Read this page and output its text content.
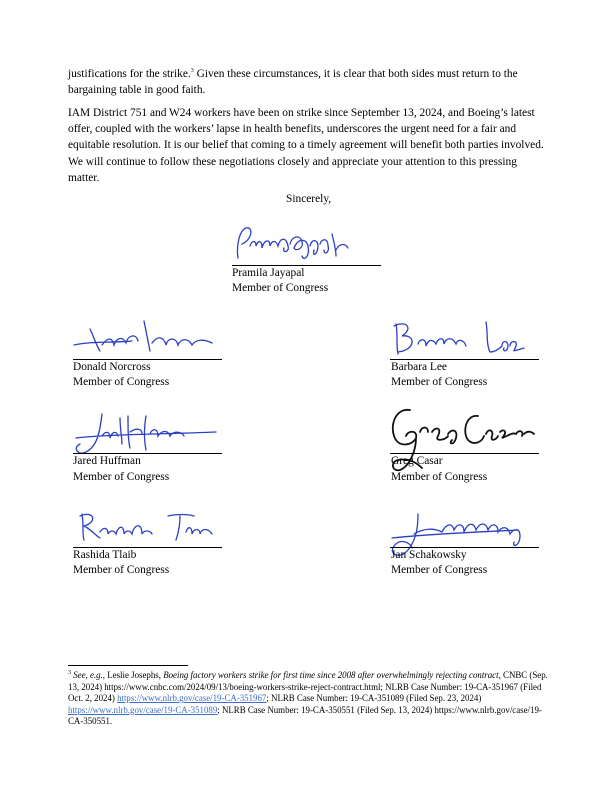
justifications for the strike.$^3$ Given these circumstances, it is clear that both sides must return to the bargaining table in good faith.

IAM District 751 and W24 workers have been on strike since September 13, 2024, and Boeing’s latest offer, coupled with the workers’ lapse in health benefits, underscores the urgent need for a fair and equitable resolution. It is our belief that coming to a timely agreement will benefit both parties involved. We will continue to follow these negotiations closely and appreciate your attention to this pressing matter.

Sincerely,
Pramila Jayapal
Member of Congress
Donald Norcross
Member of Congress
Barbara Lee
Member of Congress
Jared Huffman
Member of Congress
Greg Casar
Member of Congress
Rashida Tlaib
Member of Congress
Jan Schakowsky
Member of Congress

$^3$ See, e.g., Leslie Josephs, Boeing factory workers strike for first time since 2008 after overwhelmingly rejecting contract, CNBC (Sep. 13, 2024) https://www.cnbc.com/2024/09/13/boeing-workers-strike-reject-contract.html; NLRB Case Number: 19-CA-351967 (Filed Oct. 2, 2024) https://www.nlrb.gov/case/19-CA-351967; NLRB Case Number: 19-CA-351089 (Filed Sep. 23, 2024) https://www.nlrb.gov/case/19-CA-351089; NLRB Case Number: 19-CA-350551 (Filed Sep. 13, 2024) https://www.nlrb.gov/case/19-CA-350551.
